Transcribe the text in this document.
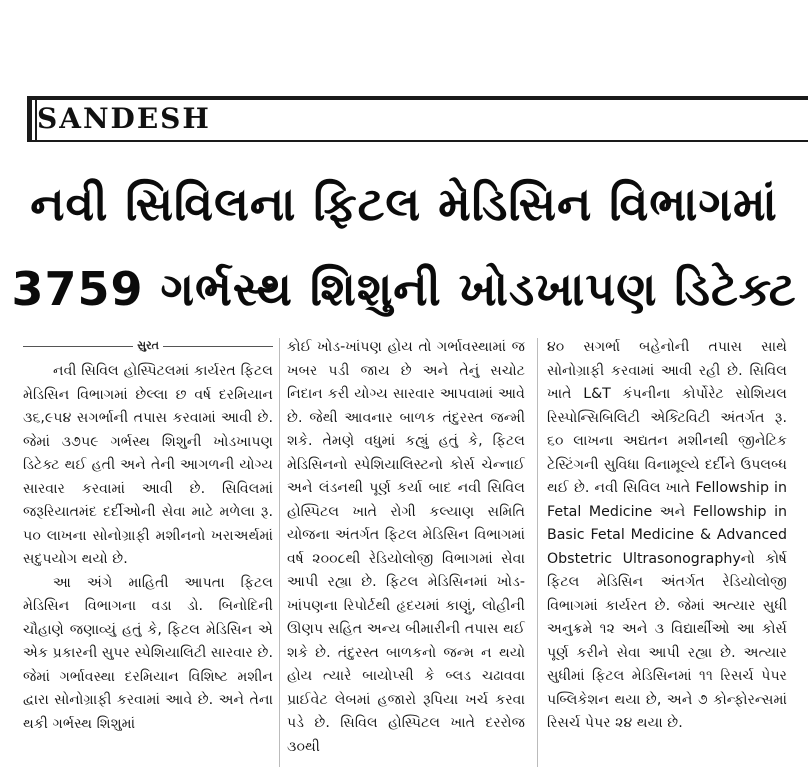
SANDESH
નવી સિવિલના ફિટલ મેડિસિન વિભાગમાં
3759 ગર્ભસ્થ શિશુની ખોડખાપણ ડિટેક્ટ
સુરત

નવી સિવિલ હોસ્પિટલમાં કાર્યરત ફિટલ મેડિસિન વિભાગમાં છેલ્લા છ વર્ષ દરમિયાન ૩૬,૯૫૪ સગર્ભાની તપાસ કરવામાં આવી છે. જેમાં ૩૭૫૯ ગર્ભસ્થ શિશુની ખોડખાપણ ડિટેક્ટ થઈ હતી અને તેની આગળની યોગ્ય સારવાર કરવામાં આવી છે. સિવિલમાં જરૂરિયાતમંદ દર્દીઓની સેવા માટે મળેલા રૂ. ૫૦ લાખના સોનોગ્રાફી મશીનનો ખરાઅર્થમાં સદુપયોગ થયો છે.

આ અંગે માહિતી આપતા ફિટલ મેડિસિન વિભાગના વડા ડો. બિનોદિની ચૌહાણે જણાવ્યું હતું કે, ફિટલ મેડિસિન એ એક પ્રકારની સુપર સ્પેશિયાલિટી સારવાર છે. જેમાં ગર્ભાવસ્થા દરમિયાન વિશિષ્ટ મશીન દ્વારા સોનોગ્રાફી કરવામાં આવે છે. અને તેના થકી ગર્ભસ્થ શિશુમાં

કોઈ ખોડ-ખાંપણ હોય તો ગર્ભાવસ્થામાં જ ખબર પડી જાય છે અને તેનું સચોટ નિદાન કરી યોગ્ય સારવાર આપવામાં આવે છે. જેથી આવનાર બાળક તંદુરસ્ત જન્મી શકે. તેમણે વધુમાં કહ્યું હતું કે, ફિટલ મેડિસિનનો સ્પેશિયાલિસ્ટનો કોર્સ ચેન્નાઈ અને લંડનથી પૂર્ણ કર્યા બાદ નવી સિવિલ હોસ્પિટલ ખાતે રોગી કલ્યાણ સમિતિ યોજના અંતર્ગત ફિટલ મેડિસિન વિભાગમાં વર્ષ ૨૦૦૮થી રેડિયોલોજી વિભાગમાં સેવા આપી રહ્યા છે. ફિટલ મેડિસિનમાં ખોડ-ખાંપણના રિપોર્ટથી હૃદયમાં કાણું, લોહીની ઊણપ સહિત અન્ય બીમારીની તપાસ થઈ શકે છે. તંદુરસ્ત બાળકનો જન્મ ન થયો હોય ત્યારે બાયોપ્સી કે બ્લડ ચઢાવવા પ્રાઈવેટ લેબમાં હજારો રૂપિયા ખર્ચ કરવા પડે છે. સિવિલ હોસ્પિટલ ખાતે દરરોજ ૩૦થી

૪૦ સગર્ભા બહેનોની તપાસ સાથે સોનોગ્રાફી કરવામાં આવી રહી છે. સિવિલ ખાતે L&T કંપનીના કોર્પોરેટ સોશિયલ રિસ્પોન્સિબિલિટી એક્ટિવિટી અંતર્ગત રૂ. ૬૦ લાખના અદ્યતન મશીનથી જીનેટિક ટેસ્ટિંગની સુવિધા વિનામૂલ્યે દર્દીને ઉપલબ્ધ થઈ છે. નવી સિવિલ ખાતે Fellowship in Fetal Medicine અને Fellowship in Basic Fetal Medicine & Advanced Obstetric Ultrasonographyનો કોર્ષ ફિટલ મેડિસિન અંતર્ગત રેડિયોલોજી વિભાગમાં કાર્યરત છે. જેમાં અત્યાર સુધી અનુક્રમે ૧૨ અને ૩ વિદ્યાર્થીઓ આ કોર્સ પૂર્ણ કરીને સેવા આપી રહ્યા છે. અત્યાર સુધીમાં ફિટલ મેડિસિનમાં ૧૧ રિસર્ચ પેપર પબ્લિકેશન થયા છે, અને ૭ કોન્ફોરન્સમાં રિસર્ચ પેપર ૨૪ થયા છે.
